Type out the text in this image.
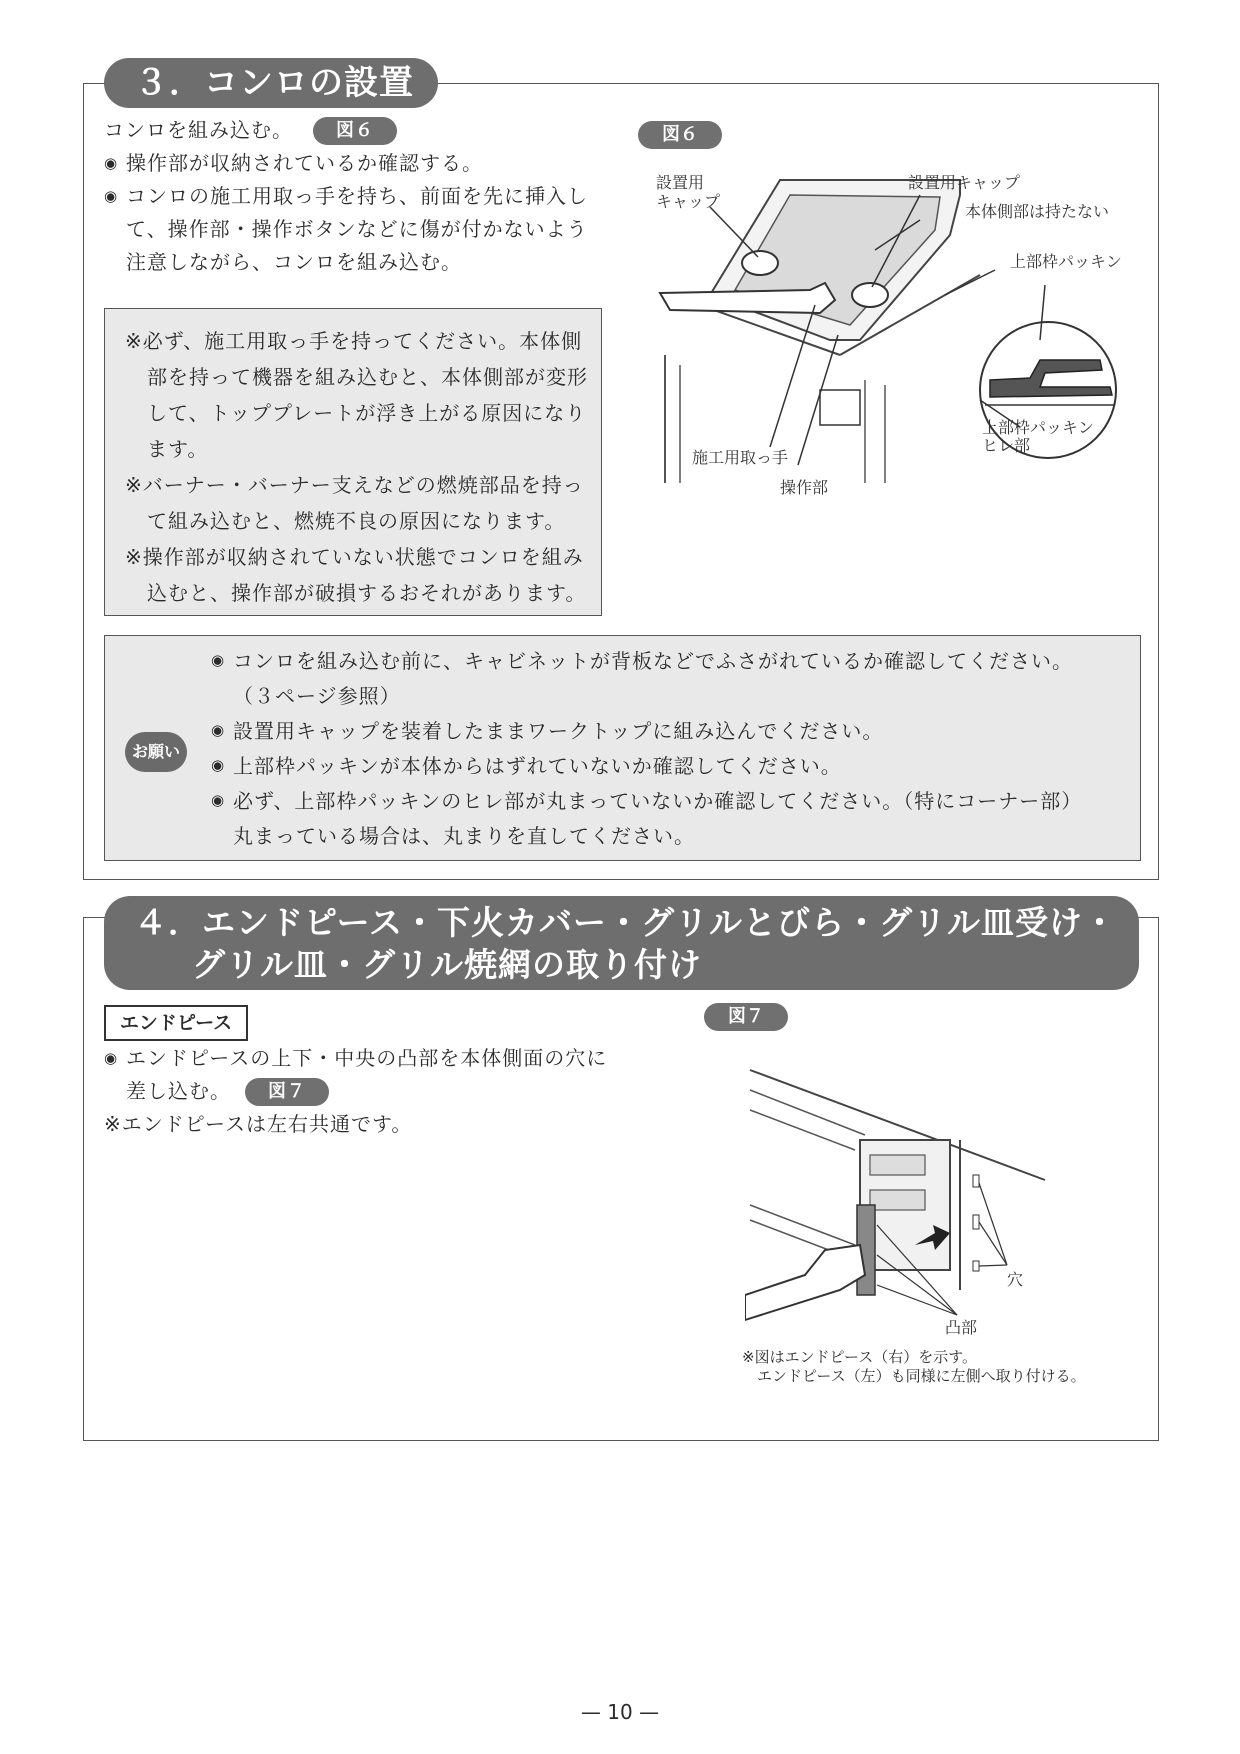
３．コンロの設置
コンロを組み込む。	図６
◉ 操作部が収納されているか確認する。
◉ コンロの施工用取っ手を持ち、前面を先に挿入して、操作部・操作ボタンなどに傷が付かないよう注意しながら、コンロを組み込む。

※必ず、施工用取っ手を持ってください。本体側部を持って機器を組み込むと、本体側部が変形して、トッププレートが浮き上がる原因になります。

※バーナー・バーナー支えなどの燃焼部品を持って組み込むと、燃焼不良の原因になります。

※操作部が収納されていない状態でコンロを組み込むと、操作部が破損するおそれがあります。

お願い
◉ コンロを組み込む前に、キャビネットが背板などでふさがれているか確認してください。
（３ページ参照）
◉ 設置用キャップを装着したままワークトップに組み込んでください。
◉ 上部枠パッキンが本体からはずれていないか確認してください。
◉ 必ず、上部枠パッキンのヒレ部が丸まっていないか確認してください。（特にコーナー部）
丸まっている場合は、丸まりを直してください。
図６
設置用
キャップ
設置用キャップ
本体側部は持たない
上部枠パッキン
上部枠パッキン
ヒレ部
施工用取っ手
操作部
４．エンドピース・下火カバー・グリルとびら・グリル皿受け・
グリル皿・グリル焼網の取り付け
エンドピース
◉ エンドピースの上下・中央の凸部を本体側面の穴に
差し込む。	図７
※エンドピースは左右共通です。
図７
穴
凸部
※図はエンドピース（右）を示す。
エンドピース（左）も同様に左側へ取り付ける。
— 10 —
